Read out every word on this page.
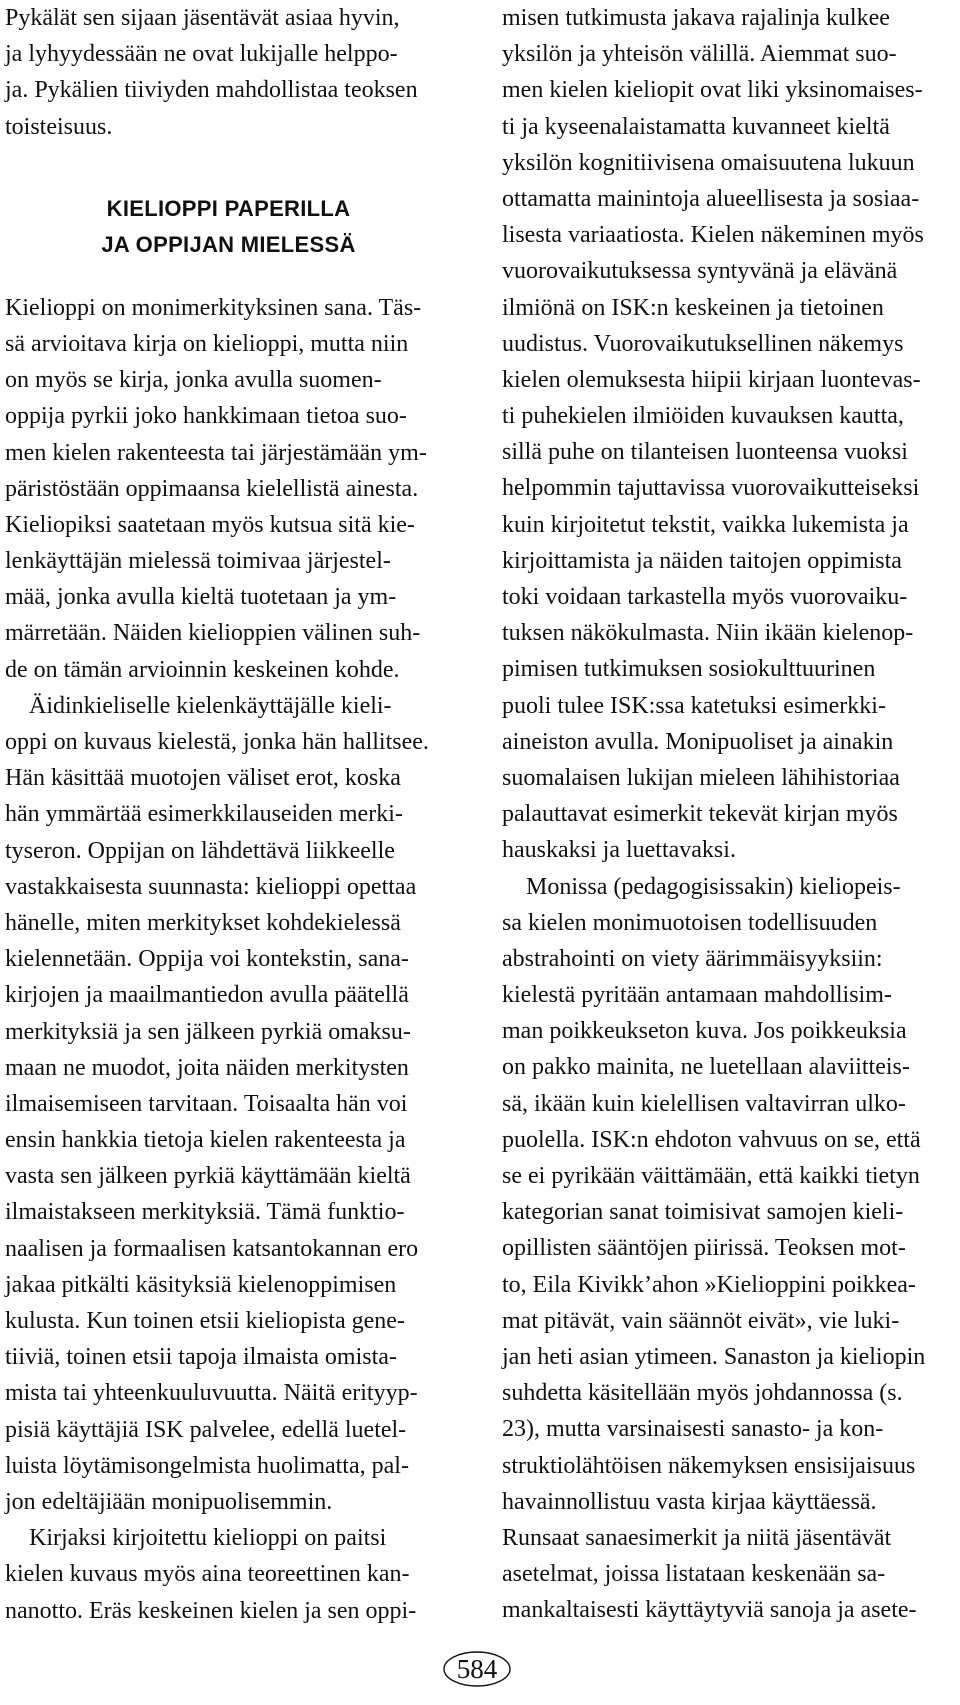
Pykälät sen sijaan jäsentävät asiaa hyvin,
ja lyhyydessään ne ovat lukijalle helppo-
ja. Pykälien tiiviyden mahdollistaa teoksen
toisteisuus.
KIELIOPPI PAPERILLA
JA OPPIJAN MIELESSÄ
Kielioppi on monimerkityksinen sana. Täs-
sä arvioitava kirja on kielioppi, mutta niin
on myös se kirja, jonka avulla suomen-
oppija pyrkii joko hankkimaan tietoa suo-
men kielen rakenteesta tai järjestämään ym-
päristöstään oppimaansa kielellistä ainesta.
Kieliopiksi saatetaan myös kutsua sitä kie-
lenkäyttäjän mielessä toimivaa järjestel-
mää, jonka avulla kieltä tuotetaan ja ym-
märretään. Näiden kielioppien välinen suh-
de on tämän arvioinnin keskeinen kohde.
Äidinkieliselle kielenkäyttäjälle kieli-
oppi on kuvaus kielestä, jonka hän hallitsee.
Hän käsittää muotojen väliset erot, koska
hän ymmärtää esimerkkilauseiden merki-
tyseron. Oppijan on lähdettävä liikkeelle
vastakkaisesta suunnasta: kielioppi opettaa
hänelle, miten merkitykset kohdekielessä
kielennetään. Oppija voi kontekstin, sana-
kirjojen ja maailmantiedon avulla päätellä
merkityksiä ja sen jälkeen pyrkiä omaksu-
maan ne muodot, joita näiden merkitysten
ilmaisemiseen tarvitaan. Toisaalta hän voi
ensin hankkia tietoja kielen rakenteesta ja
vasta sen jälkeen pyrkiä käyttämään kieltä
ilmaistakseen merkityksiä. Tämä funktio-
naalisen ja formaalisen katsantokannan ero
jakaa pitkälti käsityksiä kielenoppimisen
kulusta. Kun toinen etsii kieliopista gene-
tiiviä, toinen etsii tapoja ilmaista omista-
mista tai yhteenkuuluvuutta. Näitä erityyp-
pisiä käyttäjiä ISK palvelee, edellä luetel-
luista löytämisongelmista huolimatta, pal-
jon edeltäjiään monipuolisemmin.
Kirjaksi kirjoitettu kielioppi on paitsi
kielen kuvaus myös aina teoreettinen kan-
nanotto. Eräs keskeinen kielen ja sen oppi-
misen tutkimusta jakava rajalinja kulkee
yksilön ja yhteisön välillä. Aiemmat suo-
men kielen kieliopit ovat liki yksinomaises-
ti ja kyseenalaistamatta kuvanneet kieltä
yksilön kognitiivisena omaisuutena lukuun
ottamatta mainintoja alueellisesta ja sosiaa-
lisesta variaatiosta. Kielen näkeminen myös
vuorovaikutuksessa syntyvänä ja elävänä
ilmiönä on ISK:n keskeinen ja tietoinen
uudistus. Vuorovaikutuksellinen näkemys
kielen olemuksesta hiipii kirjaan luontevas-
ti puhekielen ilmiöiden kuvauksen kautta,
sillä puhe on tilanteisen luonteensa vuoksi
helpommin tajuttavissa vuorovaikutteiseksi
kuin kirjoitetut tekstit, vaikka lukemista ja
kirjoittamista ja näiden taitojen oppimista
toki voidaan tarkastella myös vuorovaiku-
tuksen näkökulmasta. Niin ikään kielenop-
pimisen tutkimuksen sosiokulttuurinen
puoli tulee ISK:ssa katetuksi esimerkki-
aineiston avulla. Monipuoliset ja ainakin
suomalaisen lukijan mieleen lähihistoriaa
palauttavat esimerkit tekevät kirjan myös
hauskaksi ja luettavaksi.
Monissa (pedagogisissakin) kieliopeis-
sa kielen monimuotoisen todellisuuden
abstrahointi on viety äärimmäisyyksiin:
kielestä pyritään antamaan mahdollisim-
man poikkeukseton kuva. Jos poikkeuksia
on pakko mainita, ne luetellaan alaviitteis-
sä, ikään kuin kielellisen valtavirran ulko-
puolella. ISK:n ehdoton vahvuus on se, että
se ei pyrikään väittämään, että kaikki tietyn
kategorian sanat toimisivat samojen kieli-
opillisten sääntöjen piirissä. Teoksen mot-
to, Eila Kivikk’ahon »Kielioppini poikkea-
mat pitävät, vain säännöt eivät», vie luki-
jan heti asian ytimeen. Sanaston ja kieliopin
suhdetta käsitellään myös johdannossa (s.
23), mutta varsinaisesti sanasto- ja kon-
struktiolähtöisen näkemyksen ensisijaisuus
havainnollistuu vasta kirjaa käyttäessä.
Runsaat sanaesimerkit ja niitä jäsentävät
asetelmat, joissa listataan keskenään sa-
mankaltaisesti käyttäytyviä sanoja ja asete-
584
